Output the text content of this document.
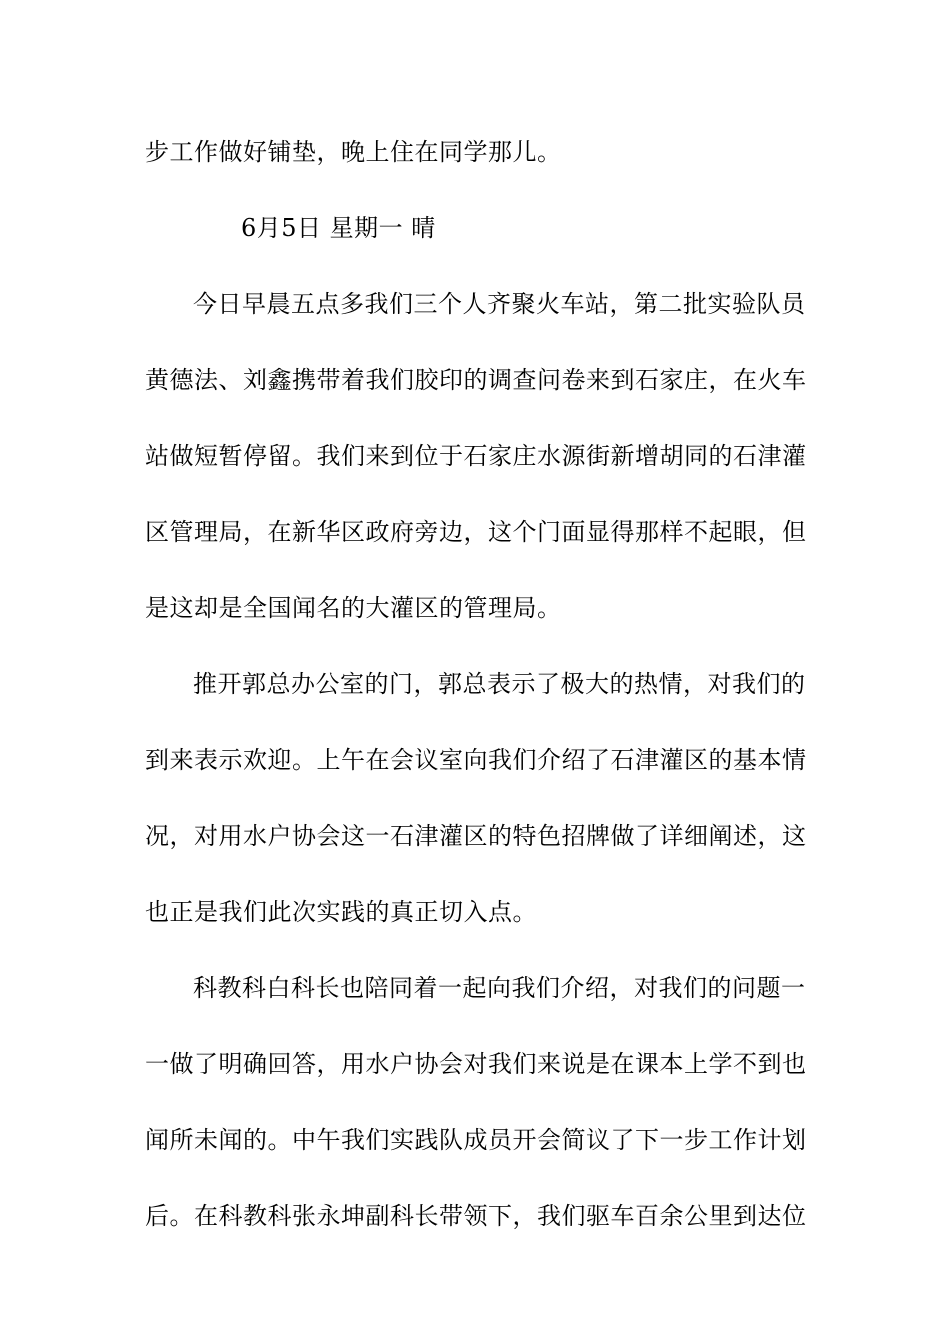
步工作做好铺垫，晚上住在同学那儿。
6月5日 星期一 晴
今日早晨五点多我们三个人齐聚火车站，第二批实验队员
黄德法、刘鑫携带着我们胶印的调查问卷来到石家庄，在火车
站做短暂停留。我们来到位于石家庄水源街新增胡同的石津灌
区管理局，在新华区政府旁边，这个门面显得那样不起眼，但
是这却是全国闻名的大灌区的管理局。
推开郭总办公室的门，郭总表示了极大的热情，对我们的
到来表示欢迎。上午在会议室向我们介绍了石津灌区的基本情
况，对用水户协会这一石津灌区的特色招牌做了详细阐述，这
也正是我们此次实践的真正切入点。
科教科白科长也陪同着一起向我们介绍，对我们的问题一
一做了明确回答，用水户协会对我们来说是在课本上学不到也
闻所未闻的。中午我们实践队成员开会简议了下一步工作计划
后。在科教科张永坤副科长带领下，我们驱车百余公里到达位
